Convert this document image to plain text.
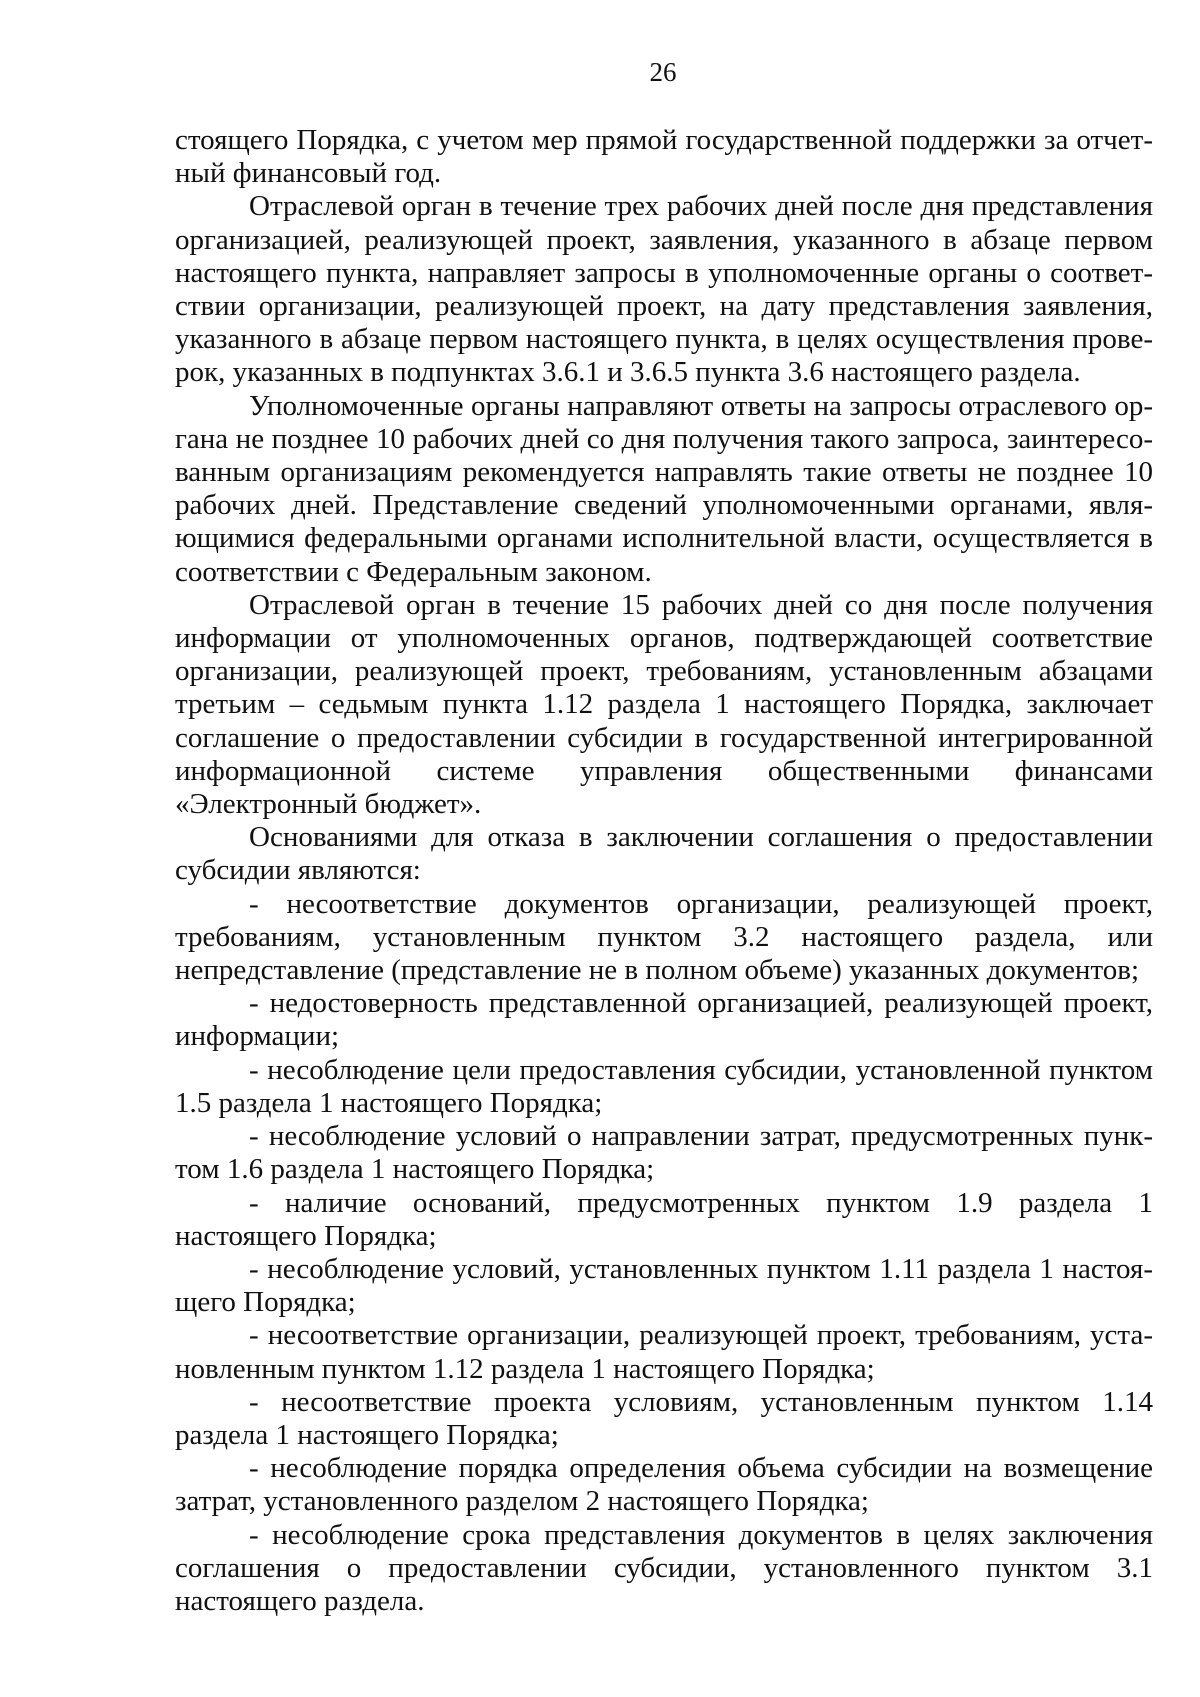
26

стоящего Порядка, с учетом мер прямой государственной поддержки за отчетный финансовый год.

Отраслевой орган в течение трех рабочих дней после дня представления организацией, реализующей проект, заявления, указанного в абзаце первом настоящего пункта, направляет запросы в уполномоченные органы о соответствии организации, реализующей проект, на дату представления заявления, указанного в абзаце первом настоящего пункта, в целях осуществления проверок, указанных в подпунктах 3.6.1 и 3.6.5 пункта 3.6 настоящего раздела.

Уполномоченные органы направляют ответы на запросы отраслевого органа не позднее 10 рабочих дней со дня получения такого запроса, заинтересованным организациям рекомендуется направлять такие ответы не позднее 10 рабочих дней. Представление сведений уполномоченными органами, являющимися федеральными органами исполнительной власти, осуществляется в соответствии с Федеральным законом.

Отраслевой орган в течение 15 рабочих дней со дня после получения информации от уполномоченных органов, подтверждающей соответствие организации, реализующей проект, требованиям, установленным абзацами третьим – седьмым пункта 1.12 раздела 1 настоящего Порядка, заключает соглашение о предоставлении субсидии в государственной интегрированной информационной системе управления общественными финансами «Электронный бюджет».

Основаниями для отказа в заключении соглашения о предоставлении субсидии являются:

- несоответствие документов организации, реализующей проект, требованиям, установленным пунктом 3.2 настоящего раздела, или непредставление (представление не в полном объеме) указанных документов;

- недостоверность представленной организацией, реализующей проект, информации;

- несоблюдение цели предоставления субсидии, установленной пунктом 1.5 раздела 1 настоящего Порядка;

- несоблюдение условий о направлении затрат, предусмотренных пунктом 1.6 раздела 1 настоящего Порядка;

- наличие оснований, предусмотренных пунктом 1.9 раздела 1 настоящего Порядка;

- несоблюдение условий, установленных пунктом 1.11 раздела 1 настоящего Порядка;

- несоответствие организации, реализующей проект, требованиям, установленным пунктом 1.12 раздела 1 настоящего Порядка;

- несоответствие проекта условиям, установленным пунктом 1.14 раздела 1 настоящего Порядка;

- несоблюдение порядка определения объема субсидии на возмещение затрат, установленного разделом 2 настоящего Порядка;

- несоблюдение срока представления документов в целях заключения соглашения о предоставлении субсидии, установленного пунктом 3.1 настоящего раздела.
